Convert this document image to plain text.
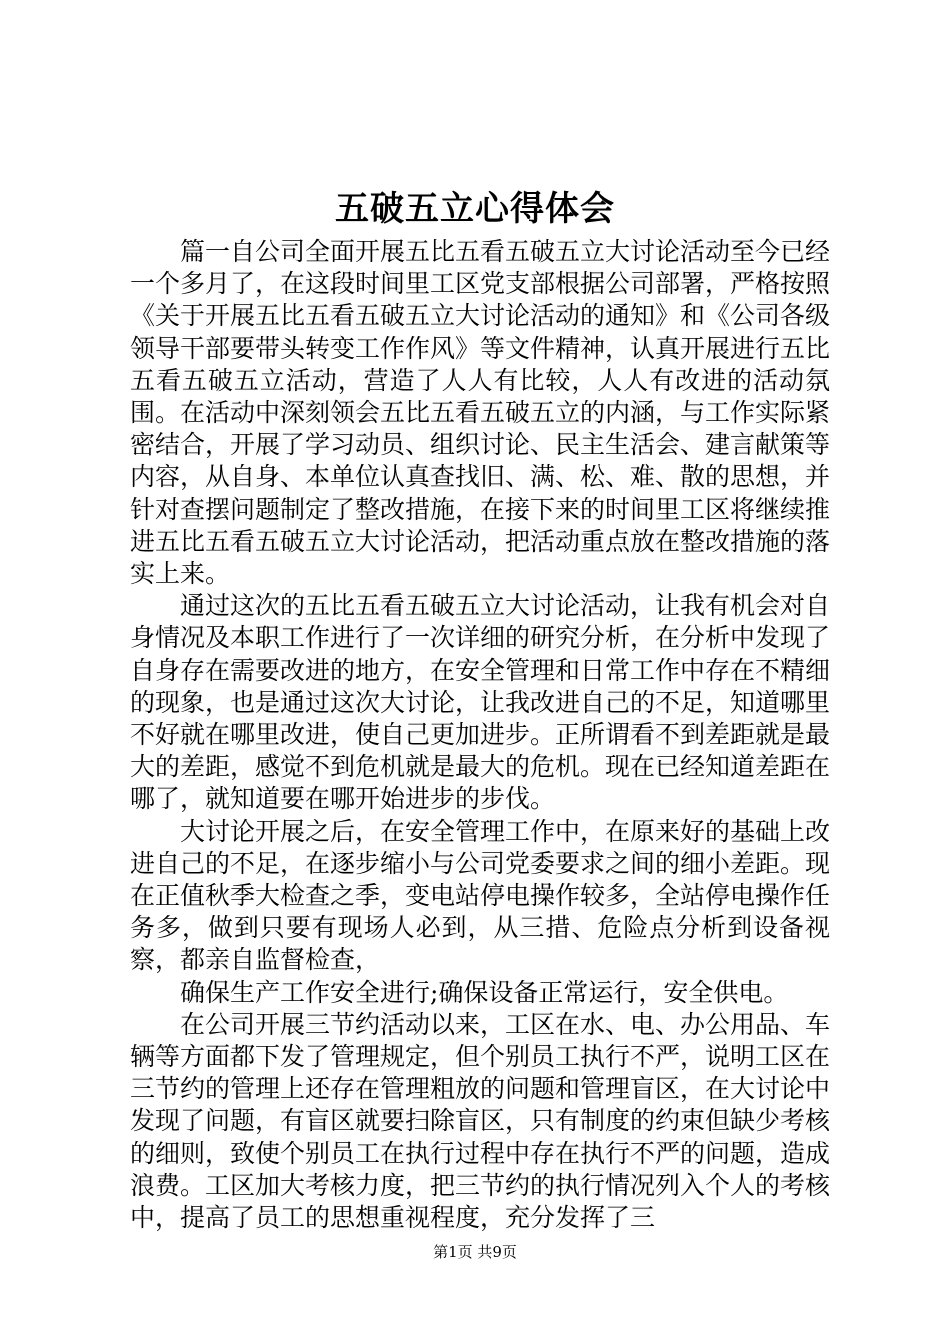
五破五立心得体会

篇一自公司全面开展五比五看五破五立大讨论活动至今已经一个多月了，在这段时间里工区党支部根据公司部署，严格按照《关于开展五比五看五破五立大讨论活动的通知》和《公司各级领导干部要带头转变工作作风》等文件精神，认真开展进行五比五看五破五立活动，营造了人人有比较，人人有改进的活动氛围。在活动中深刻领会五比五看五破五立的内涵，与工作实际紧密结合，开展了学习动员、组织讨论、民主生活会、建言献策等内容，从自身、本单位认真查找旧、满、松、难、散的思想，并针对查摆问题制定了整改措施，在接下来的时间里工区将继续推进五比五看五破五立大讨论活动，把活动重点放在整改措施的落实上来。

通过这次的五比五看五破五立大讨论活动，让我有机会对自身情况及本职工作进行了一次详细的研究分析，在分析中发现了自身存在需要改进的地方，在安全管理和日常工作中存在不精细的现象，也是通过这次大讨论，让我改进自己的不足，知道哪里不好就在哪里改进，使自己更加进步。正所谓看不到差距就是最大的差距，感觉不到危机就是最大的危机。现在已经知道差距在哪了，就知道要在哪开始进步的步伐。

大讨论开展之后，在安全管理工作中，在原来好的基础上改进自己的不足，在逐步缩小与公司党委要求之间的细小差距。现在正值秋季大检查之季，变电站停电操作较多，全站停电操作任务多，做到只要有现场人必到，从三措、危险点分析到设备视察，都亲自监督检查，

确保生产工作安全进行;确保设备正常运行，安全供电。

在公司开展三节约活动以来，工区在水、电、办公用品、车辆等方面都下发了管理规定，但个别员工执行不严，说明工区在三节约的管理上还存在管理粗放的问题和管理盲区，在大讨论中发现了问题，有盲区就要扫除盲区，只有制度的约束但缺少考核的细则，致使个别员工在执行过程中存在执行不严的问题，造成浪费。工区加大考核力度，把三节约的执行情况列入个人的考核中，提高了员工的思想重视程度，充分发挥了三

第1页 共9页
